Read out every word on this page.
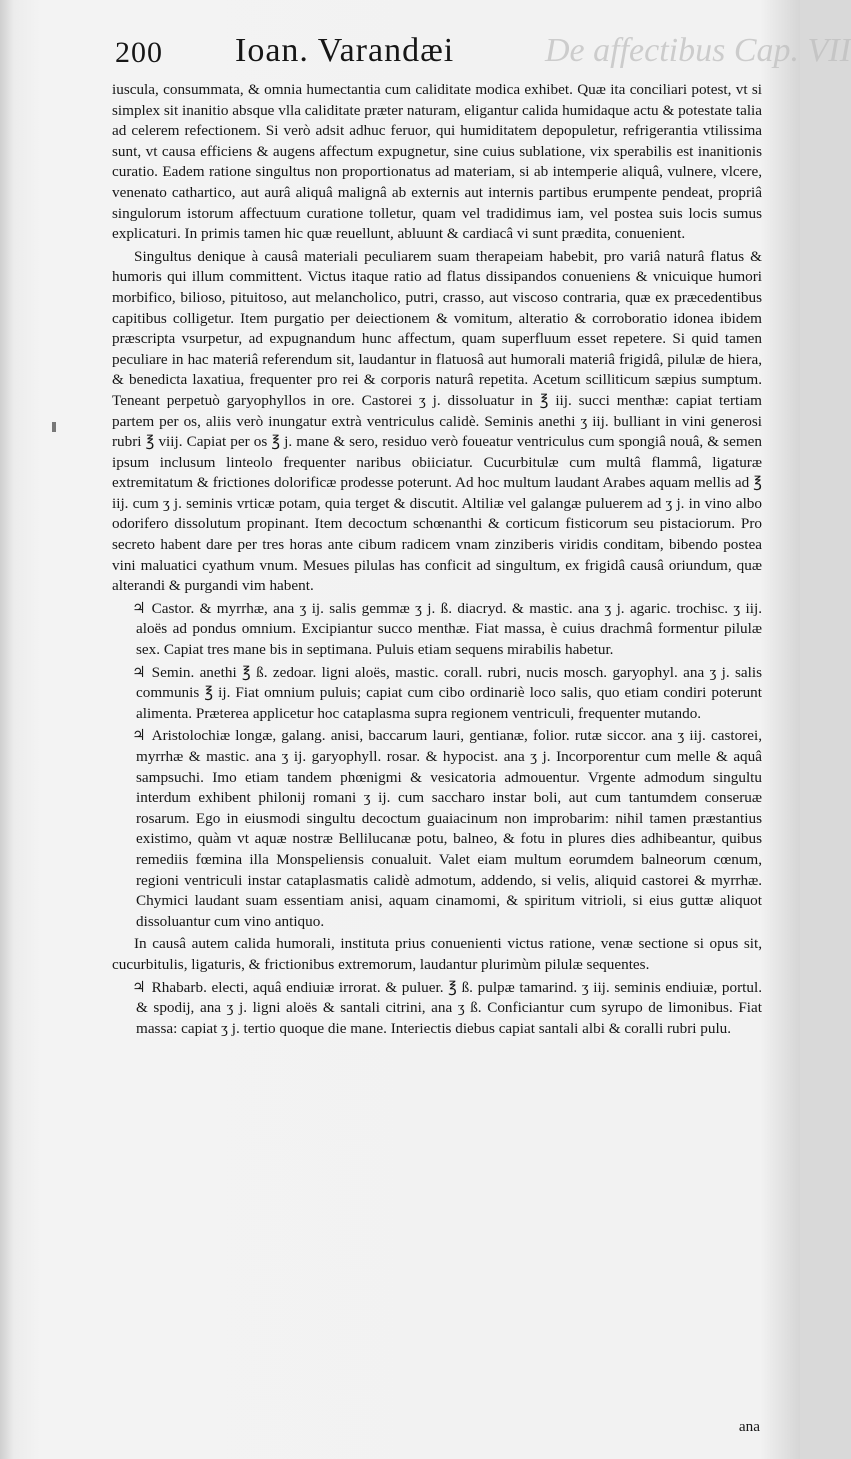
De affectibus Cap. VII
200 Ioan. Varandæi

iuscula, consummata, & omnia humectantia cum caliditate modica exhibet. Quæ ita conciliari potest, vt si simplex sit inanitio absque vlla caliditate præter naturam, eligantur calida humidaque actu & potestate talia ad celerem refectionem. Si verò adsit adhuc feruor, qui humiditatem depopuletur, refrigerantia vtilissima sunt, vt causa efficiens & augens affectum expugnetur, sine cuius sublatione, vix sperabilis est inanitionis curatio. Eadem ratione singultus non proportionatus ad materiam, si ab intemperie aliquâ, vulnere, vlcere, venenato cathartico, aut aurâ aliquâ malignâ ab externis aut internis partibus erumpente pendeat, propriâ singulorum istorum affectuum curatione tolletur, quam vel tradidimus iam, vel postea suis locis sumus explicaturi. In primis tamen hic quæ reuellunt, abluunt & cardiacâ vi sunt prædita, conuenient.

Singultus denique à causâ materiali peculiarem suam therapeiam habebit, pro variâ naturâ flatus & humoris qui illum committent. Victus itaque ratio ad flatus dissipandos conueniens & vnicuique humori morbifico, bilioso, pituitoso, aut melancholico, putri, crasso, aut viscoso contraria, quæ ex præcedentibus capitibus colligetur. Item purgatio per deiectionem & vomitum, alteratio & corroboratio idonea ibidem præscripta vsurpetur, ad expugnandum hunc affectum, quam superfluum esset repetere. Si quid tamen peculiare in hac materiâ referendum sit, laudantur in flatuosâ aut humorali materiâ frigidâ, pilulæ de hiera, & benedicta laxatiua, frequenter pro rei & corporis naturâ repetita. Acetum scilliticum sæpius sumptum. Teneant perpetuò garyophyllos in ore. Castorei ʒ j. dissoluatur in ℥ iij. succi menthæ: capiat tertiam partem per os, aliis verò inungatur extrà ventriculus calidè. Seminis anethi ʒ iij. bulliant in vini generosi rubri ℥ viij. Capiat per os ℥ j. mane & sero, residuo verò foueatur ventriculus cum spongiâ nouâ, & semen ipsum inclusum linteolo frequenter naribus obiiciatur. Cucurbitulæ cum multâ flammâ, ligaturæ extremitatum & frictiones dolorificæ prodesse poterunt. Ad hoc multum laudant Arabes aquam mellis ad ℥ iij. cum ʒ j. seminis vrticæ potam, quia terget & discutit. Altiliæ vel galangæ puluerem ad ʒ j. in vino albo odorifero dissolutum propinant. Item decoctum schœnanthi & corticum fisticorum seu pistaciorum. Pro secreto habent dare per tres horas ante cibum radicem vnam zinziberis viridis conditam, bibendo postea vini maluatici cyathum vnum. Mesues pilulas has conficit ad singultum, ex frigidâ causâ oriundum, quæ alterandi & purgandi vim habent.

♃ Castor. & myrrhæ, ana ʒ ij. salis gemmæ ʒ j. ß. diacryd. & mastic. ana ʒ j. agaric. trochisc. ʒ iij. aloës ad pondus omnium. Excipiantur succo menthæ. Fiat massa, è cuius drachmâ formentur pilulæ sex. Capiat tres mane bis in septimana. Puluis etiam sequens mirabilis habetur.

♃ Semin. anethi ℥ ß. zedoar. ligni aloës, mastic. corall. rubri, nucis mosch. garyophyl. ana ʒ j. salis communis ℥ ij. Fiat omnium puluis; capiat cum cibo ordinariè loco salis, quo etiam condiri poterunt alimenta. Præterea applicetur hoc cataplasma supra regionem ventriculi, frequenter mutando.

♃ Aristolochiæ longæ, galang. anisi, baccarum lauri, gentianæ, folior. rutæ siccor. ana ʒ iij. castorei, myrrhæ & mastic. ana ʒ ij. garyophyll. rosar. & hypocist. ana ʒ j. Incorporentur cum melle & aquâ sampsuchi. Imo etiam tandem phœnigmi & vesicatoria admouentur. Vrgente admodum singultu interdum exhibent philonij romani ʒ ij. cum saccharo instar boli, aut cum tantumdem conseruæ rosarum. Ego in eiusmodi singultu decoctum guaiacinum non improbarim: nihil tamen præstantius existimo, quàm vt aquæ nostræ Bellilucanæ potu, balneo, & fotu in plures dies adhibeantur, quibus remediis fœmina illa Monspeliensis conualuit. Valet eiam multum eorumdem balneorum cœnum, regioni ventriculi instar cataplasmatis calidè admotum, addendo, si velis, aliquid castorei & myrrhæ. Chymici laudant suam essentiam anisi, aquam cinamomi, & spiritum vitrioli, si eius guttæ aliquot dissoluantur cum vino antiquo.

In causâ autem calida humorali, instituta prius conuenienti victus ratione, venæ sectione si opus sit, cucurbitulis, ligaturis, & frictionibus extremorum, laudantur plurimùm pilulæ sequentes.

♃ Rhabarb. electi, aquâ endiuiæ irrorat. & puluer. ℥ ß. pulpæ tamarind. ʒ iij. seminis endiuiæ, portul. & spodij, ana ʒ j. ligni aloës & santali citrini, ana ʒ ß. Conficiantur cum syrupo de limonibus. Fiat massa: capiat ʒ j. tertio quoque die mane. Interiectis diebus capiat santali albi & coralli rubri pulu.

ana
